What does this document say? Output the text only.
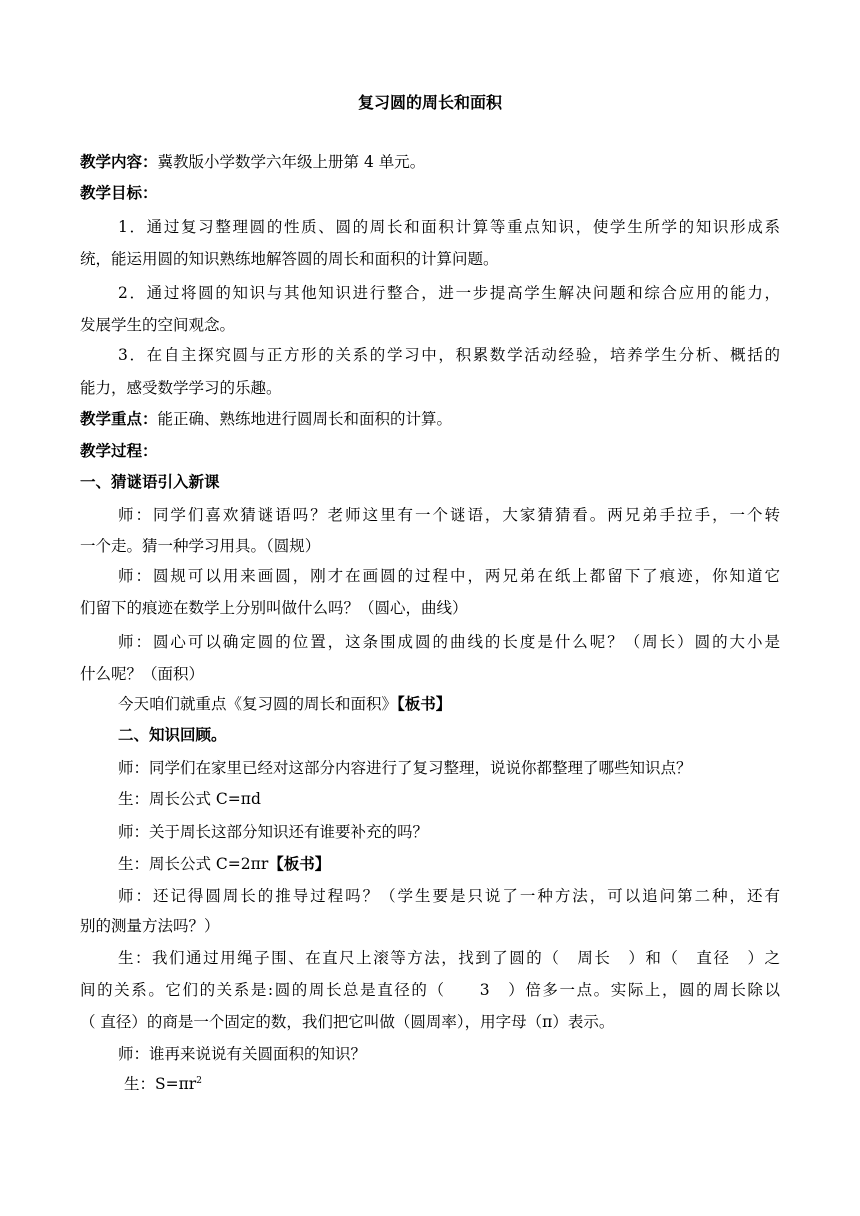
复习圆的周长和面积
教学内容：冀教版小学数学六年级上册第 4 单元。
教学目标：
1．通过复习整理圆的性质、圆的周长和面积计算等重点知识，使学生所学的知识形成系
统，能运用圆的知识熟练地解答圆的周长和面积的计算问题。
2．通过将圆的知识与其他知识进行整合，进一步提高学生解决问题和综合应用的能力，
发展学生的空间观念。
3．在自主探究圆与正方形的关系的学习中，积累数学活动经验，培养学生分析、概括的
能力，感受数学学习的乐趣。
教学重点：能正确、熟练地进行圆周长和面积的计算。
教学过程：
一、猜谜语引入新课
师：同学们喜欢猜谜语吗？老师这里有一个谜语，大家猜猜看。两兄弟手拉手，一个转
一个走。猜一种学习用具。（圆规）
师：圆规可以用来画圆，刚才在画圆的过程中，两兄弟在纸上都留下了痕迹，你知道它
们留下的痕迹在数学上分别叫做什么吗？（圆心，曲线）
师：圆心可以确定圆的位置，这条围成圆的曲线的长度是什么呢？（周长）圆的大小是
什么呢？（面积）
今天咱们就重点《复习圆的周长和面积》【板书】
二、知识回顾。
师：同学们在家里已经对这部分内容进行了复习整理，说说你都整理了哪些知识点？
生：周长公式 C=πd
师：关于周长这部分知识还有谁要补充的吗？
生：周长公式 C=2πr【板书】
师：还记得圆周长的推导过程吗？（学生要是只说了一种方法，可以追问第二种，还有
别的测量方法吗？）
生：我们通过用绳子围、在直尺上滚等方法，找到了圆的（　周长　）和（　直径　）之
间的关系。它们的关系是:圆的周长总是直径的（　　3　）倍多一点。实际上，圆的周长除以
（ 直径）的商是一个固定的数，我们把它叫做（圆周率），用字母（π）表示。
师：谁再来说说有关圆面积的知识？
生：$S=\pi r^2$
